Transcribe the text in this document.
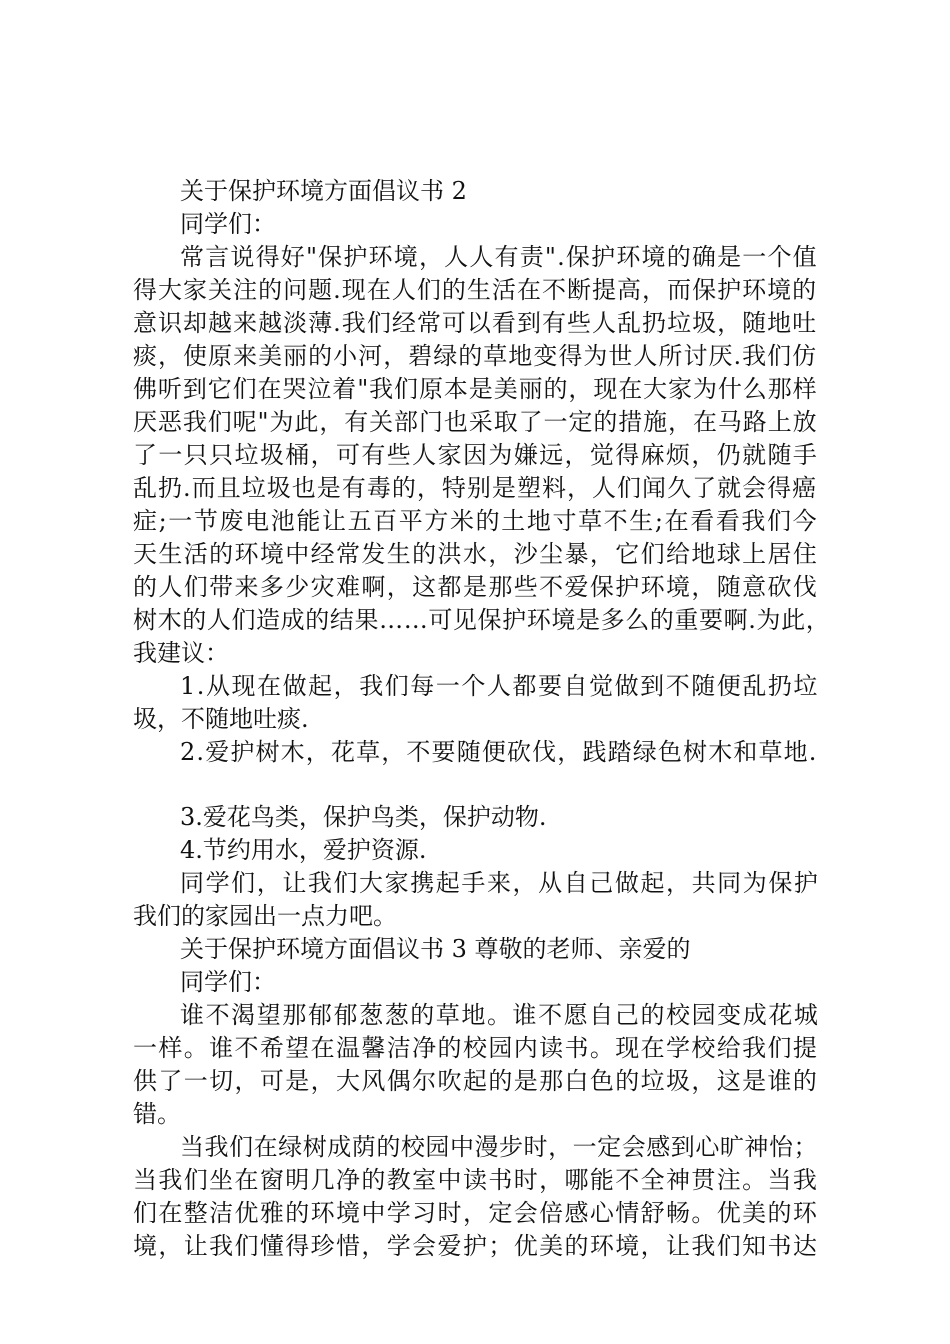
关于保护环境方面倡议书 2

同学们：

常言说得好"保护环境，人人有责".保护环境的确是一个值

得大家关注的问题.现在人们的生活在不断提高，而保护环境的

意识却越来越淡薄.我们经常可以看到有些人乱扔垃圾，随地吐

痰，使原来美丽的小河，碧绿的草地变得为世人所讨厌.我们仿

佛听到它们在哭泣着"我们原本是美丽的，现在大家为什么那样

厌恶我们呢"为此，有关部门也采取了一定的措施，在马路上放

了一只只垃圾桶，可有些人家因为嫌远，觉得麻烦，仍就随手

乱扔.而且垃圾也是有毒的，特别是塑料，人们闻久了就会得癌

症;一节废电池能让五百平方米的土地寸草不生;在看看我们今

天生活的环境中经常发生的洪水，沙尘暴，它们给地球上居住

的人们带来多少灾难啊，这都是那些不爱保护环境，随意砍伐

树木的人们造成的结果……可见保护环境是多么的重要啊.为此，

我建议：

1.从现在做起，我们每一个人都要自觉做到不随便乱扔垃

圾，不随地吐痰.

2.爱护树木，花草，不要随便砍伐，践踏绿色树木和草地.

3.爱花鸟类，保护鸟类，保护动物.

4.节约用水，爱护资源.

同学们，让我们大家携起手来，从自己做起，共同为保护

我们的家园出一点力吧。

关于保护环境方面倡议书 3 尊敬的老师、亲爱的

同学们：

谁不渴望那郁郁葱葱的草地。谁不愿自己的校园变成花城

一样。谁不希望在温馨洁净的校园内读书。现在学校给我们提

供了一切，可是，大风偶尔吹起的是那白色的垃圾，这是谁的

错。

当我们在绿树成荫的校园中漫步时，一定会感到心旷神怡；

当我们坐在窗明几净的教室中读书时，哪能不全神贯注。当我

们在整洁优雅的环境中学习时，定会倍感心情舒畅。优美的环

境，让我们懂得珍惜，学会爱护；优美的环境，让我们知书达
